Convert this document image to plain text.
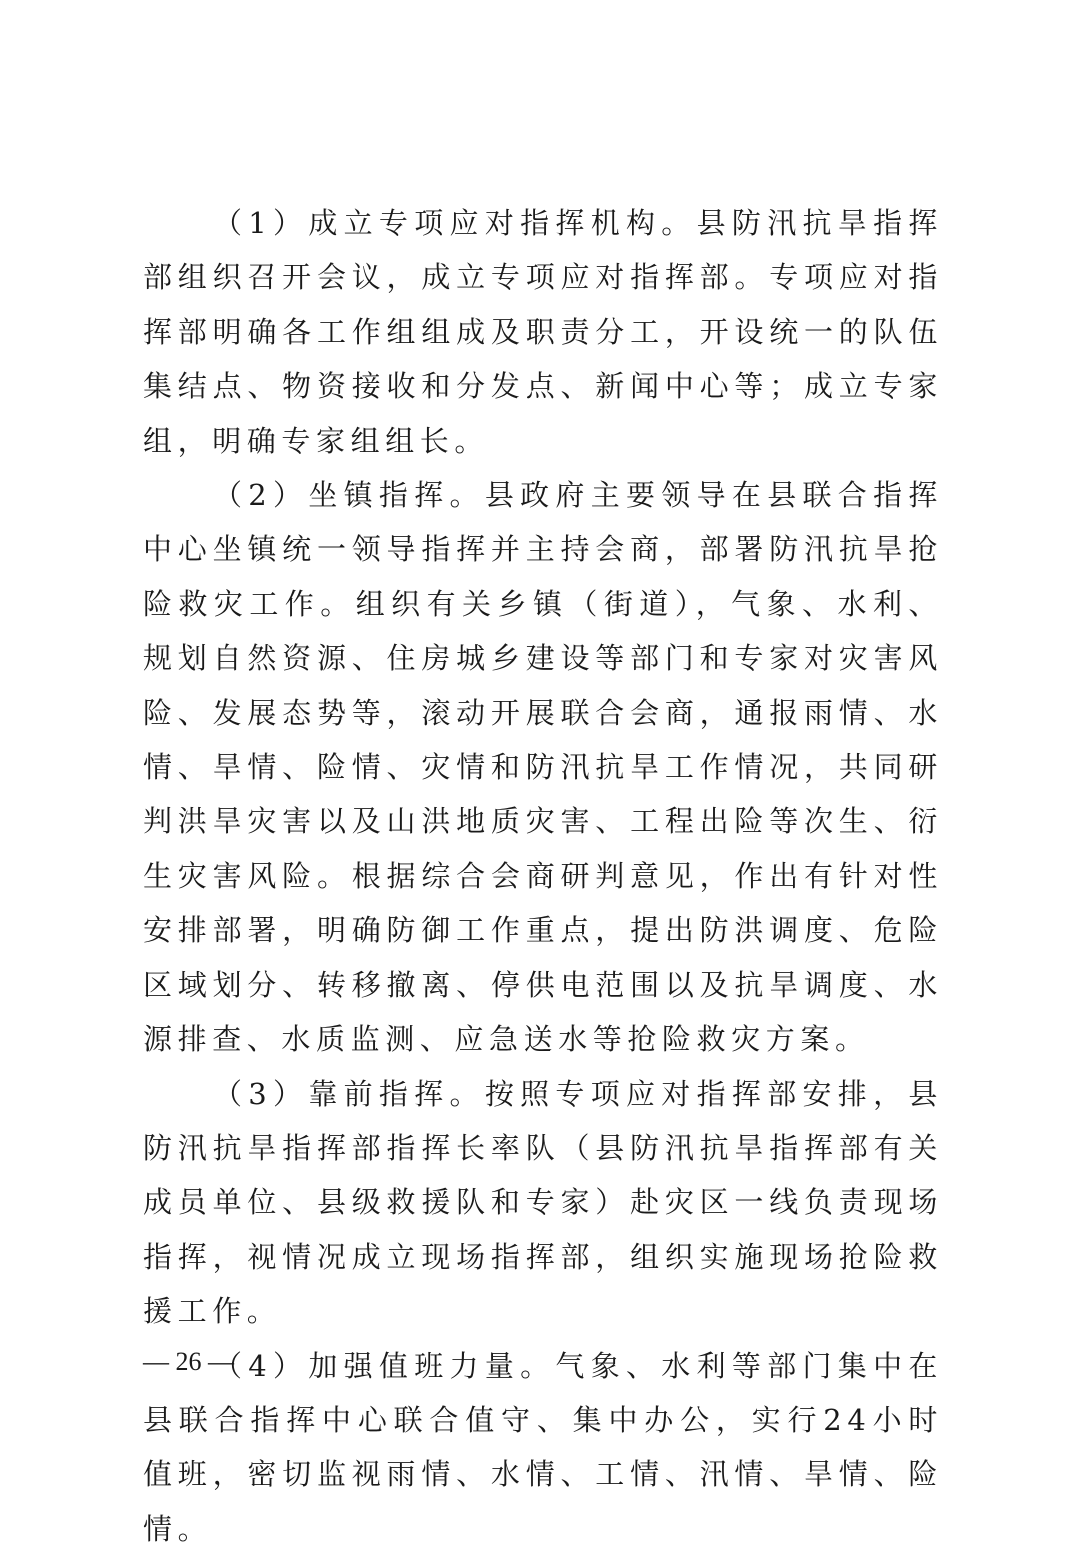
（1）成立专项应对指挥机构。县防汛抗旱指挥部组织召开会议，成立专项应对指挥部。专项应对指挥部明确各工作组组成及职责分工，开设统一的队伍集结点、物资接收和分发点、新闻中心等；成立专家组，明确专家组组长。

（2）坐镇指挥。县政府主要领导在县联合指挥中心坐镇统一领导指挥并主持会商，部署防汛抗旱抢险救灾工作。组织有关乡镇（街道），气象、水利、规划自然资源、住房城乡建设等部门和专家对灾害风险、发展态势等，滚动开展联合会商，通报雨情、水情、旱情、险情、灾情和防汛抗旱工作情况，共同研判洪旱灾害以及山洪地质灾害、工程出险等次生、衍生灾害风险。根据综合会商研判意见，作出有针对性安排部署，明确防御工作重点，提出防洪调度、危险区域划分、转移撤离、停供电范围以及抗旱调度、水源排查、水质监测、应急送水等抢险救灾方案。

（3）靠前指挥。按照专项应对指挥部安排，县防汛抗旱指挥部指挥长率队（县防汛抗旱指挥部有关成员单位、县级救援队和专家）赴灾区一线负责现场指挥，视情况成立现场指挥部，组织实施现场抢险救援工作。

（4）加强值班力量。气象、水利等部门集中在县联合指挥中心联合值守、集中办公，实行24小时值班，密切监视雨情、水情、工情、汛情、旱情、险情。

— 26 —
